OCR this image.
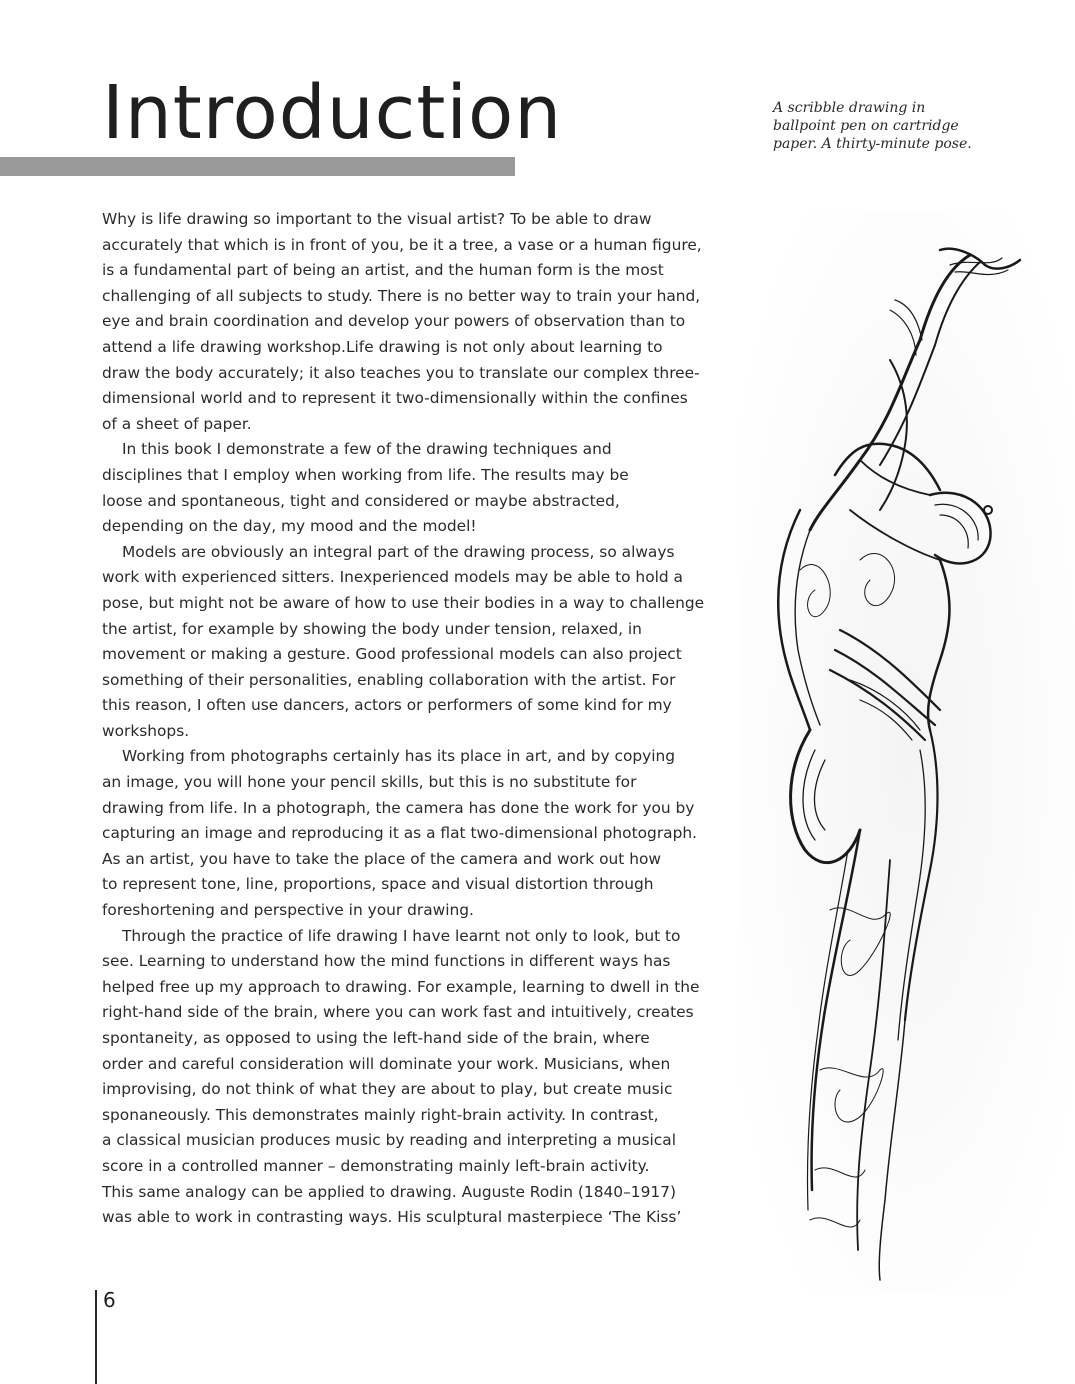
Introduction	A scribble drawing in
ballpoint pen on cartridge
paper. A thirty-minute pose.
Why is life drawing so important to the visual artist? To be able to draw
accurately that which is in front of you, be it a tree, a vase or a human figure,
is a fundamental part of being an artist, and the human form is the most
challenging of all subjects to study. There is no better way to train your hand,
eye and brain coordination and develop your powers of observation than to
attend a life drawing workshop.Life drawing is not only about learning to
draw the body accurately; it also teaches you to translate our complex three-
dimensional world and to represent it two-dimensionally within the confines
of a sheet of paper.
In this book I demonstrate a few of the drawing techniques and
disciplines that I employ when working from life. The results may be
loose and spontaneous, tight and considered or maybe abstracted,
depending on the day, my mood and the model!
Models are obviously an integral part of the drawing process, so always
work with experienced sitters. Inexperienced models may be able to hold a
pose, but might not be aware of how to use their bodies in a way to challenge
the artist, for example by showing the body under tension, relaxed, in
movement or making a gesture. Good professional models can also project
something of their personalities, enabling collaboration with the artist. For
this reason, I often use dancers, actors or performers of some kind for my
workshops.
Working from photographs certainly has its place in art, and by copying
an image, you will hone your pencil skills, but this is no substitute for
drawing from life. In a photograph, the camera has done the work for you by
capturing an image and reproducing it as a flat two-dimensional photograph.
As an artist, you have to take the place of the camera and work out how
to represent tone, line, proportions, space and visual distortion through
foreshortening and perspective in your drawing.
Through the practice of life drawing I have learnt not only to look, but to
see. Learning to understand how the mind functions in different ways has
helped free up my approach to drawing. For example, learning to dwell in the
right-hand side of the brain, where you can work fast and intuitively, creates
spontaneity, as opposed to using the left-hand side of the brain, where
order and careful consideration will dominate your work. Musicians, when
improvising, do not think of what they are about to play, but create music
sponaneously. This demonstrates mainly right-brain activity. In contrast,
a classical musician produces music by reading and interpreting a musical
score in a controlled manner – demonstrating mainly left-brain activity.
This same analogy can be applied to drawing. Auguste Rodin (1840–1917)
was able to work in contrasting ways. His sculptural masterpiece ‘The Kiss’
6
